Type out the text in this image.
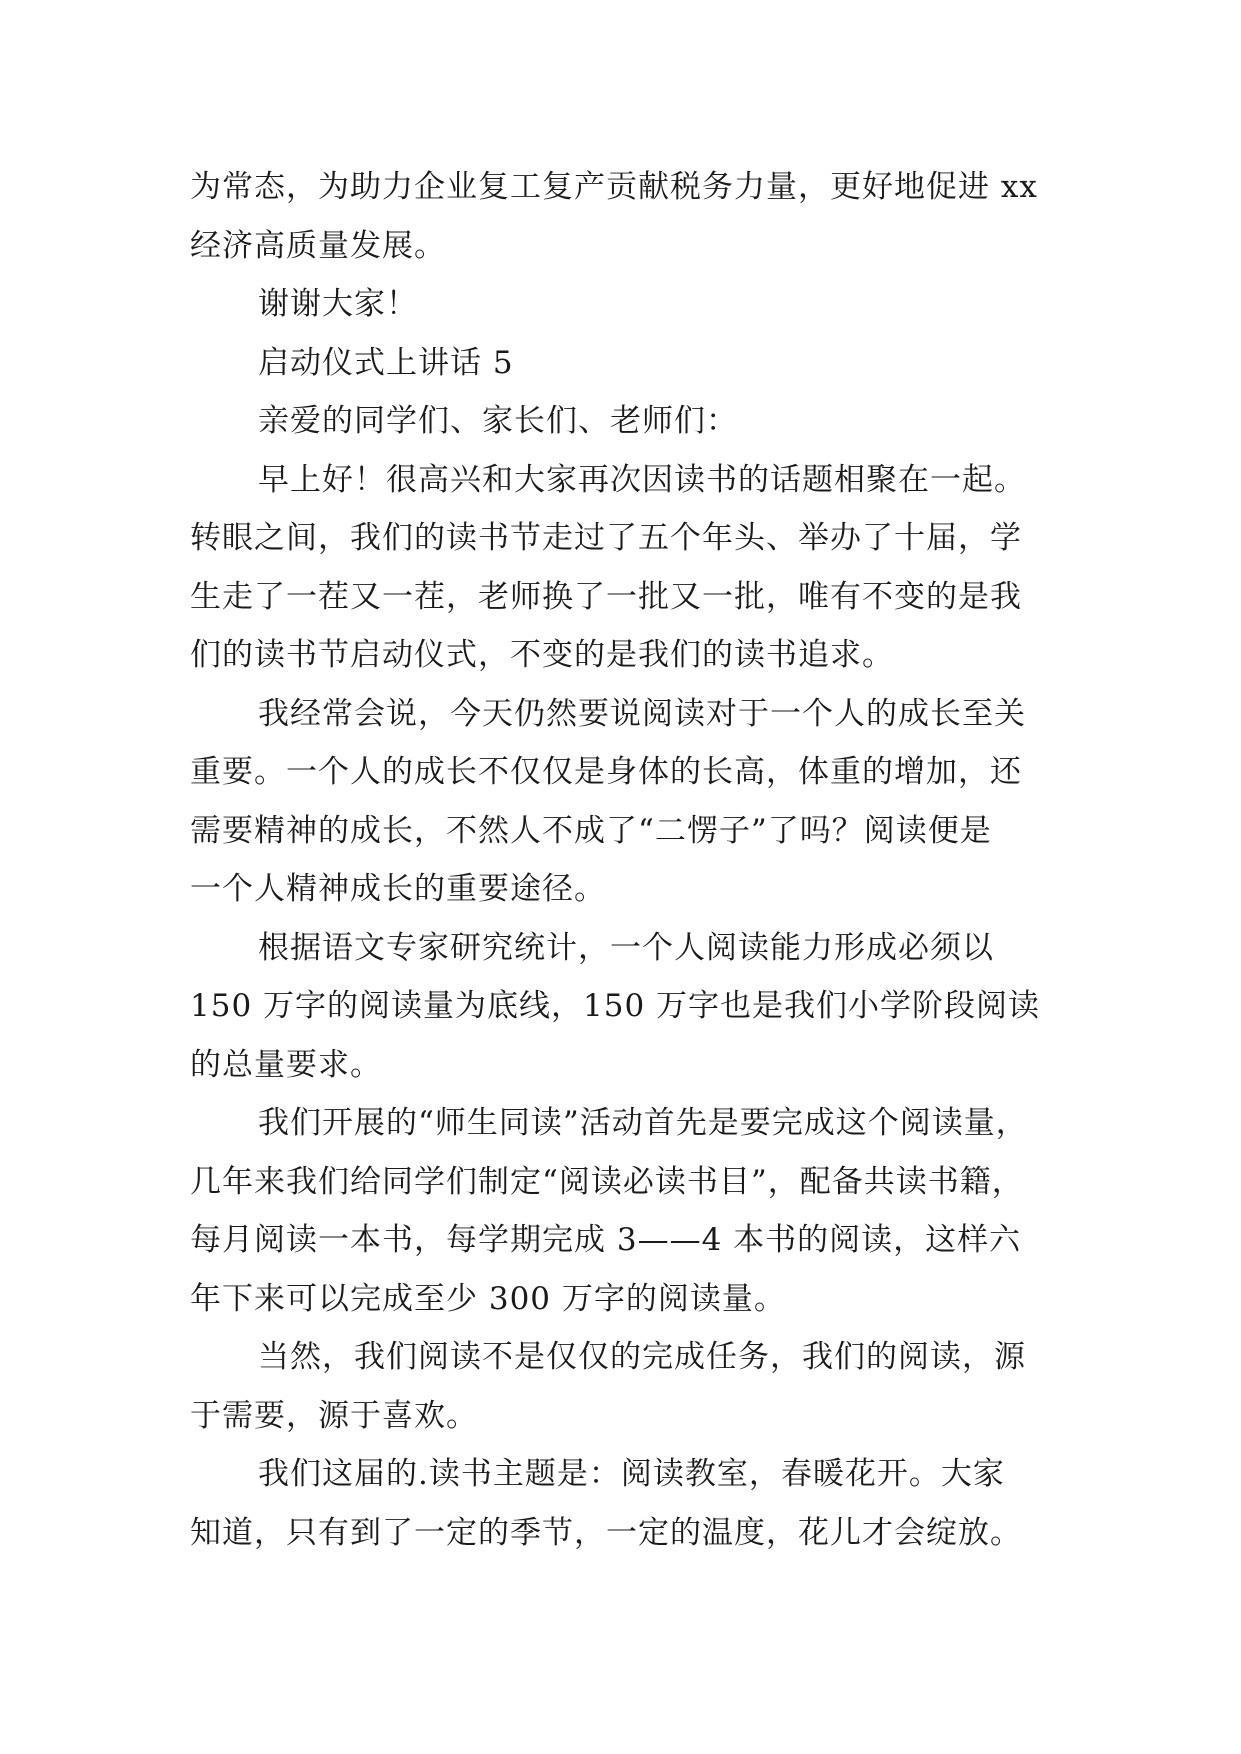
为常态，为助力企业复工复产贡献税务力量，更好地促进 xx
经济高质量发展。
谢谢大家！
启动仪式上讲话 5
亲爱的同学们、家长们、老师们：
早上好！很高兴和大家再次因读书的话题相聚在一起。
转眼之间，我们的读书节走过了五个年头、举办了十届，学
生走了一茬又一茬，老师换了一批又一批，唯有不变的是我
们的读书节启动仪式，不变的是我们的读书追求。
我经常会说，今天仍然要说阅读对于一个人的成长至关
重要。一个人的成长不仅仅是身体的长高，体重的增加，还
需要精神的成长，不然人不成了“二愣子”了吗？阅读便是
一个人精神成长的重要途径。
根据语文专家研究统计，一个人阅读能力形成必须以
150 万字的阅读量为底线，150 万字也是我们小学阶段阅读
的总量要求。
我们开展的“师生同读”活动首先是要完成这个阅读量，
几年来我们给同学们制定“阅读必读书目”，配备共读书籍，
每月阅读一本书，每学期完成 3——4 本书的阅读，这样六
年下来可以完成至少 300 万字的阅读量。
当然，我们阅读不是仅仅的完成任务，我们的阅读，源
于需要，源于喜欢。
我们这届的.读书主题是：阅读教室，春暖花开。大家
知道，只有到了一定的季节，一定的温度，花儿才会绽放。
